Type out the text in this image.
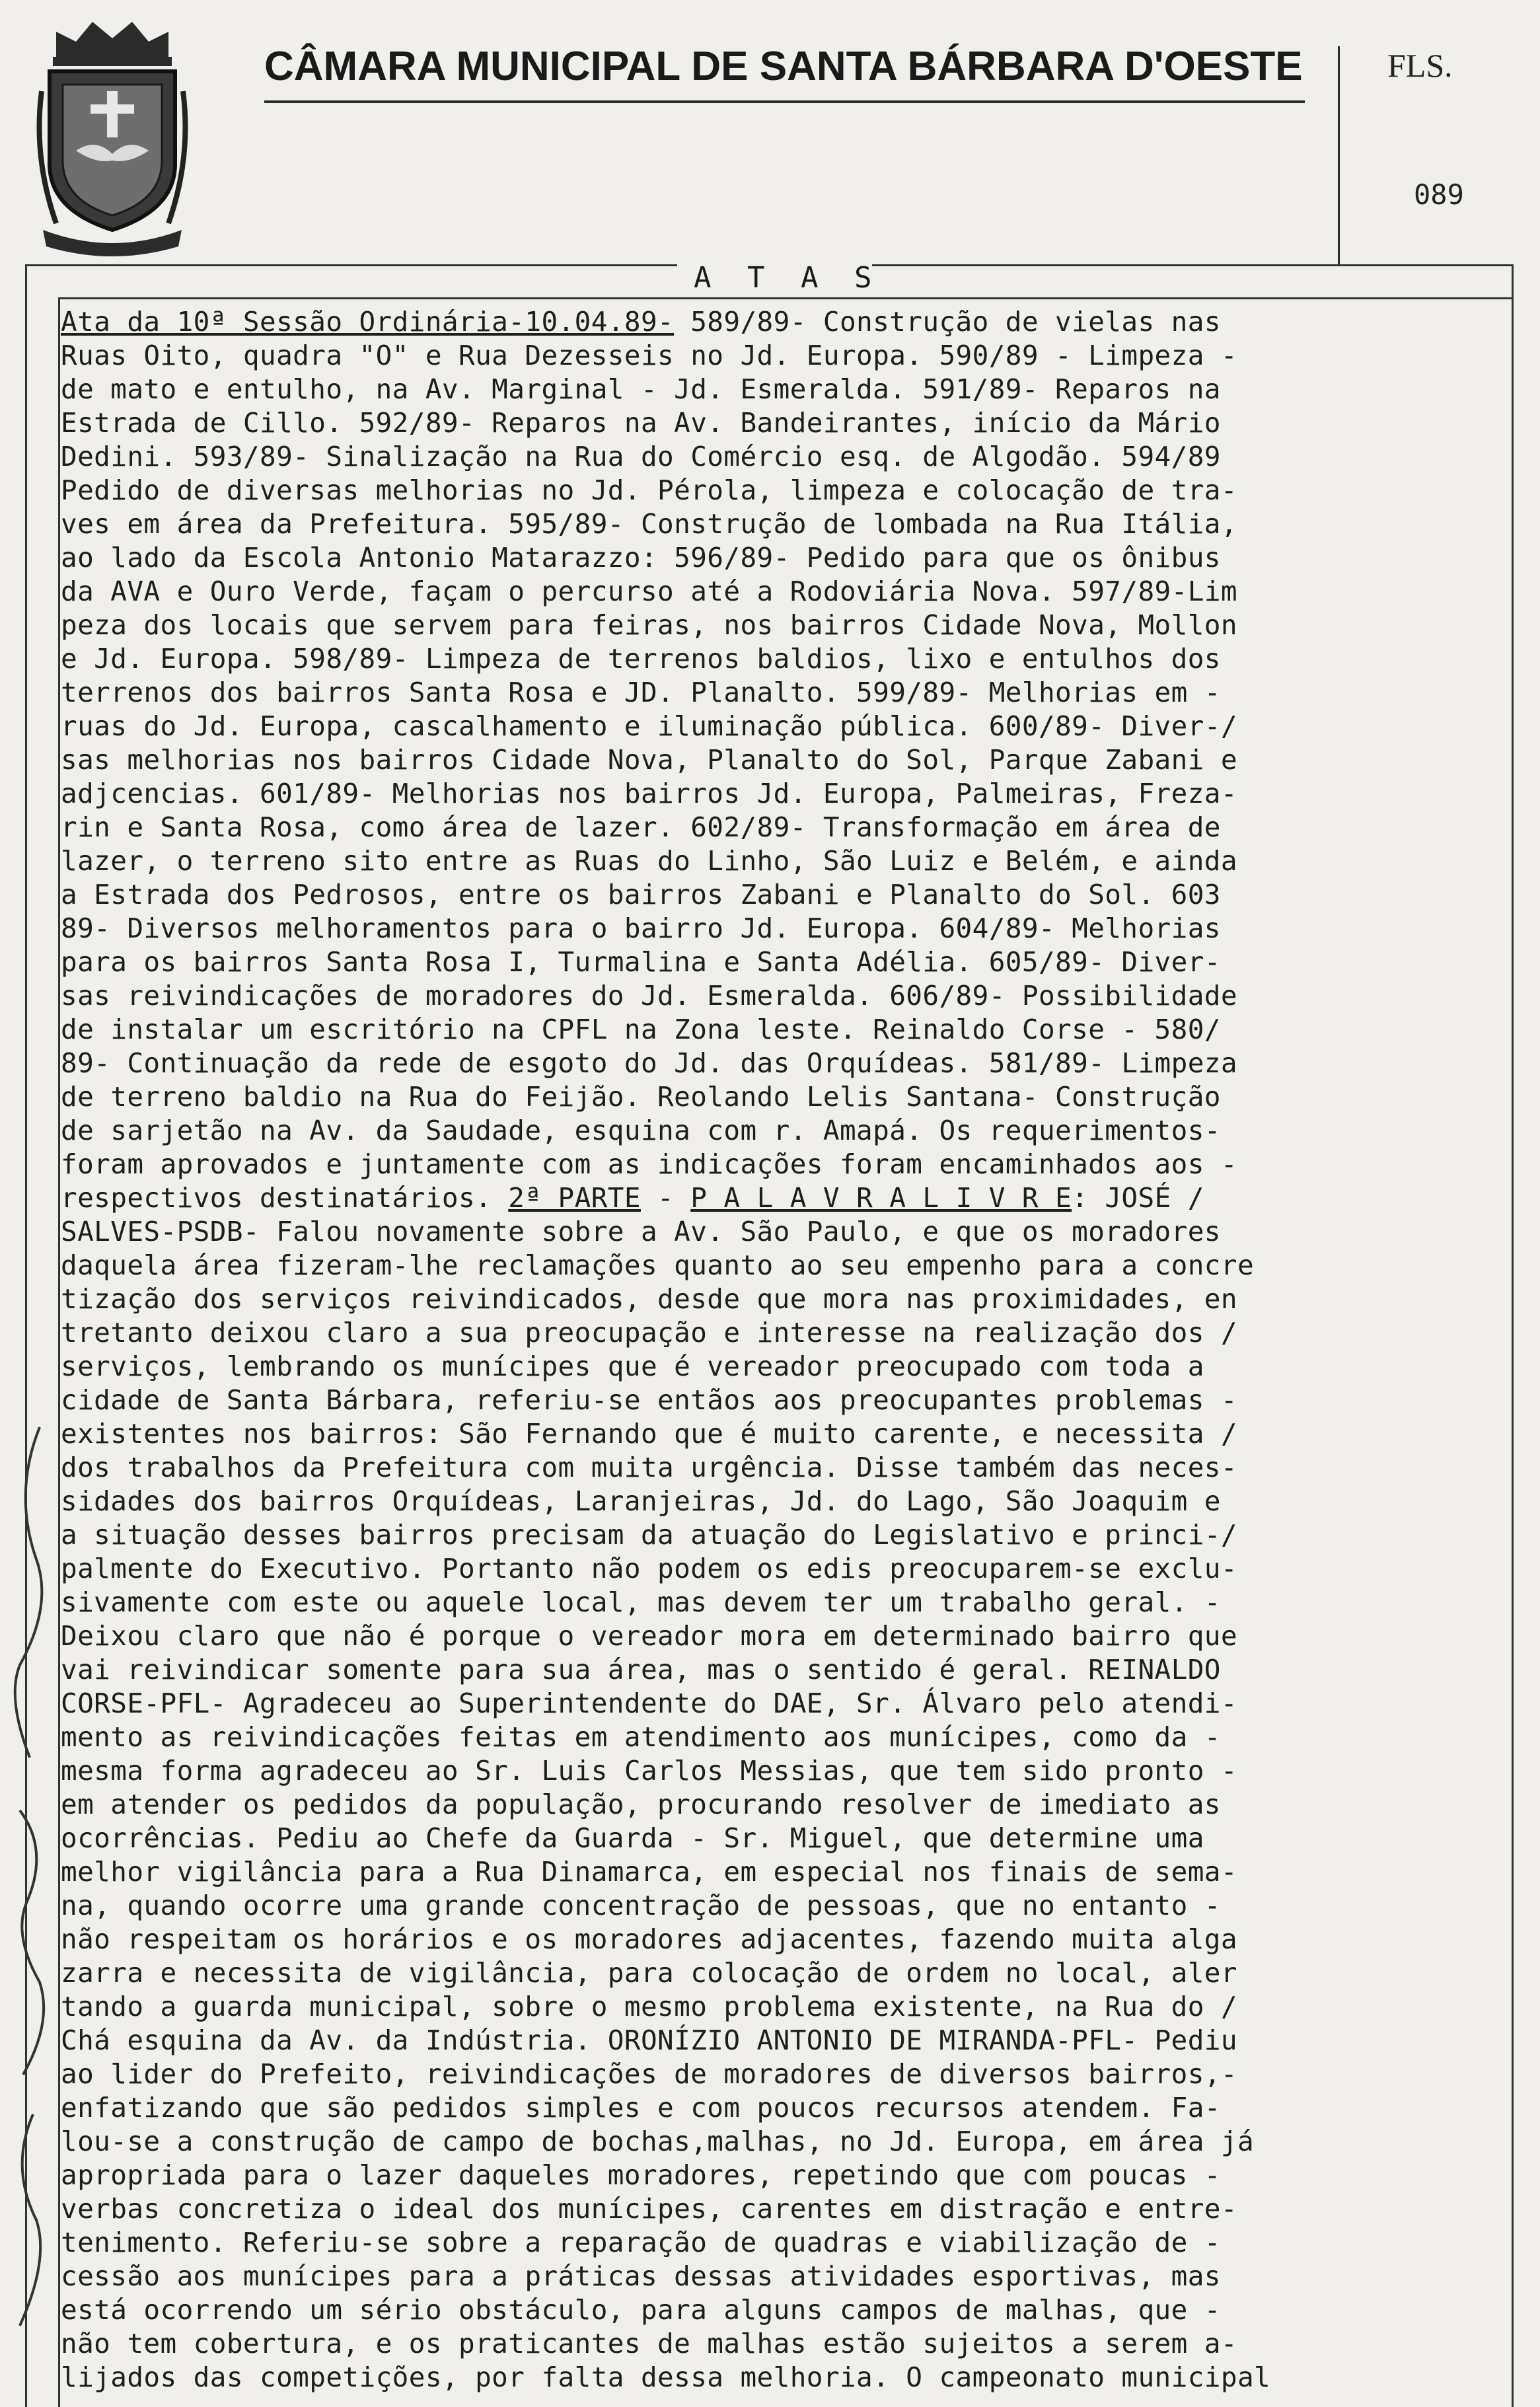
CÂMARA MUNICIPAL DE SANTA BÁRBARA D'OESTE	FLS.
089
A T A S
Ata da 10ª Sessão Ordinária-10.04.89- 589/89- Construção de vielas nas
Ruas Oito, quadra "O" e Rua Dezesseis no Jd. Europa. 590/89 - Limpeza -
de mato e entulho, na Av. Marginal - Jd. Esmeralda. 591/89- Reparos na
Estrada de Cillo. 592/89- Reparos na Av. Bandeirantes, início da Mário
Dedini. 593/89- Sinalização na Rua do Comércio esq. de Algodão. 594/89
Pedido de diversas melhorias no Jd. Pérola, limpeza e colocação de tra-
ves em área da Prefeitura. 595/89- Construção de lombada na Rua Itália,
ao lado da Escola Antonio Matarazzo: 596/89- Pedido para que os ônibus
da AVA e Ouro Verde, façam o percurso até a Rodoviária Nova. 597/89-Lim
peza dos locais que servem para feiras, nos bairros Cidade Nova, Mollon
e Jd. Europa. 598/89- Limpeza de terrenos baldios, lixo e entulhos dos
terrenos dos bairros Santa Rosa e JD. Planalto. 599/89- Melhorias em -
ruas do Jd. Europa, cascalhamento e iluminação pública. 600/89- Diver-/
sas melhorias nos bairros Cidade Nova, Planalto do Sol, Parque Zabani e
adjcencias. 601/89- Melhorias nos bairros Jd. Europa, Palmeiras, Freza-
rin e Santa Rosa, como área de lazer. 602/89- Transformação em área de
lazer, o terreno sito entre as Ruas do Linho, São Luiz e Belém, e ainda
a Estrada dos Pedrosos, entre os bairros Zabani e Planalto do Sol. 603
89- Diversos melhoramentos para o bairro Jd. Europa. 604/89- Melhorias
para os bairros Santa Rosa I, Turmalina e Santa Adélia. 605/89- Diver-
sas reivindicações de moradores do Jd. Esmeralda. 606/89- Possibilidade
de instalar um escritório na CPFL na Zona leste. Reinaldo Corse - 580/
89- Continuação da rede de esgoto do Jd. das Orquídeas. 581/89- Limpeza
de terreno baldio na Rua do Feijão. Reolando Lelis Santana- Construção
de sarjetão na Av. da Saudade, esquina com r. Amapá. Os requerimentos-
foram aprovados e juntamente com as indicações foram encaminhados aos -
respectivos destinatários. 2ª PARTE - P A L A V R A L I V R E: JOSÉ /
SALVES-PSDB- Falou novamente sobre a Av. São Paulo, e que os moradores
daquela área fizeram-lhe reclamações quanto ao seu empenho para a concre
tização dos serviços reivindicados, desde que mora nas proximidades, en
tretanto deixou claro a sua preocupação e interesse na realização dos /
serviços, lembrando os munícipes que é vereador preocupado com toda a
cidade de Santa Bárbara, referiu-se entãos aos preocupantes problemas -
existentes nos bairros: São Fernando que é muito carente, e necessita /
dos trabalhos da Prefeitura com muita urgência. Disse também das neces-
sidades dos bairros Orquídeas, Laranjeiras, Jd. do Lago, São Joaquim e
a situação desses bairros precisam da atuação do Legislativo e princi-/
palmente do Executivo. Portanto não podem os edis preocuparem-se exclu-
sivamente com este ou aquele local, mas devem ter um trabalho geral. -
Deixou claro que não é porque o vereador mora em determinado bairro que
vai reivindicar somente para sua área, mas o sentido é geral. REINALDO
CORSE-PFL- Agradeceu ao Superintendente do DAE, Sr. Álvaro pelo atendi-
mento as reivindicações feitas em atendimento aos munícipes, como da -
mesma forma agradeceu ao Sr. Luis Carlos Messias, que tem sido pronto -
em atender os pedidos da população, procurando resolver de imediato as
ocorrências. Pediu ao Chefe da Guarda - Sr. Miguel, que determine uma
melhor vigilância para a Rua Dinamarca, em especial nos finais de sema-
na, quando ocorre uma grande concentração de pessoas, que no entanto -
não respeitam os horários e os moradores adjacentes, fazendo muita alga
zarra e necessita de vigilância, para colocação de ordem no local, aler
tando a guarda municipal, sobre o mesmo problema existente, na Rua do /
Chá esquina da Av. da Indústria. ORONÍZIO ANTONIO DE MIRANDA-PFL- Pediu
ao lider do Prefeito, reivindicações de moradores de diversos bairros,-
enfatizando que são pedidos simples e com poucos recursos atendem. Fa-
lou-se a construção de campo de bochas,malhas, no Jd. Europa, em área já
apropriada para o lazer daqueles moradores, repetindo que com poucas -
verbas concretiza o ideal dos munícipes, carentes em distração e entre-
tenimento. Referiu-se sobre a reparação de quadras e viabilização de -
cessão aos munícipes para a práticas dessas atividades esportivas, mas
está ocorrendo um sério obstáculo, para alguns campos de malhas, que -
não tem cobertura, e os praticantes de malhas estão sujeitos a serem a-
lijados das competições, por falta dessa melhoria. O campeonato municipal
